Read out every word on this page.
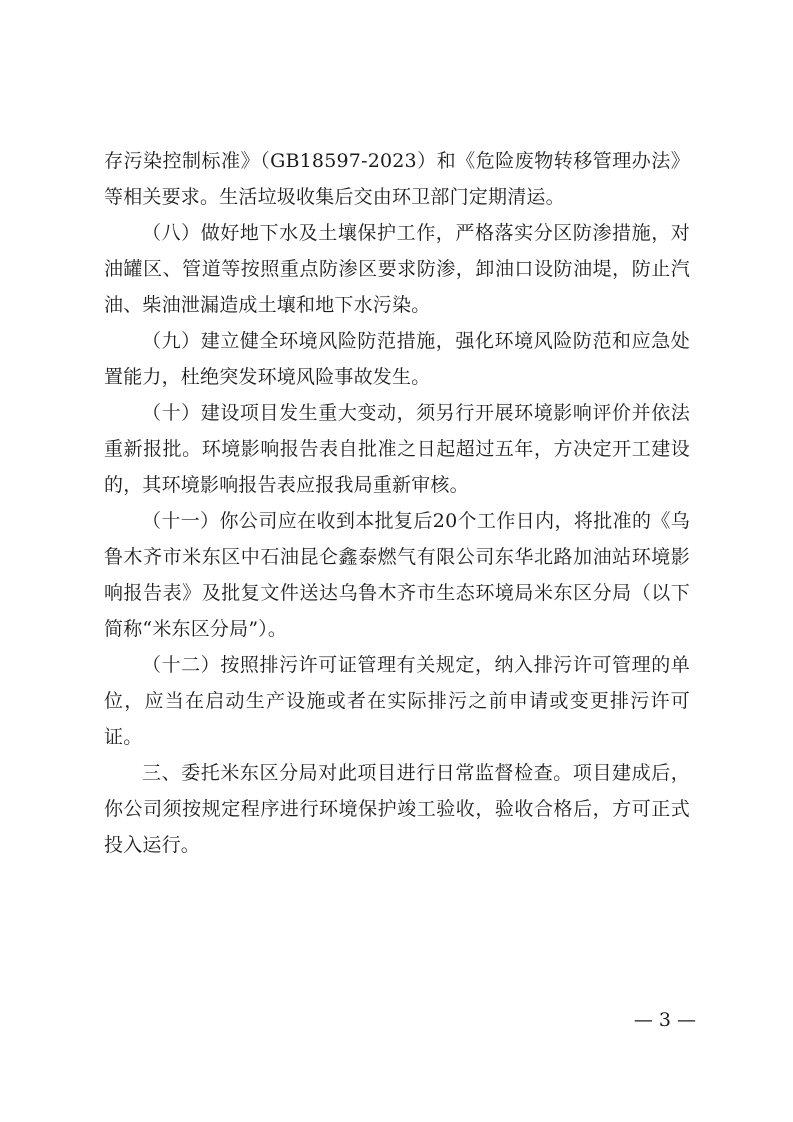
存污染控制标准》（GB18597-2023）和《危险废物转移管理办法》等相关要求。生活垃圾收集后交由环卫部门定期清运。

（八）做好地下水及土壤保护工作，严格落实分区防渗措施，对油罐区、管道等按照重点防渗区要求防渗，卸油口设防油堤，防止汽油、柴油泄漏造成土壤和地下水污染。

（九）建立健全环境风险防范措施，强化环境风险防范和应急处置能力，杜绝突发环境风险事故发生。

（十）建设项目发生重大变动，须另行开展环境影响评价并依法重新报批。环境影响报告表自批准之日起超过五年，方决定开工建设的，其环境影响报告表应报我局重新审核。

（十一）你公司应在收到本批复后20个工作日内，将批准的《乌鲁木齐市米东区中石油昆仑鑫泰燃气有限公司东华北路加油站环境影响报告表》及批复文件送达乌鲁木齐市生态环境局米东区分局（以下简称“米东区分局”）。

（十二）按照排污许可证管理有关规定，纳入排污许可管理的单位，应当在启动生产设施或者在实际排污之前申请或变更排污许可证。

三、委托米东区分局对此项目进行日常监督检查。项目建成后，你公司须按规定程序进行环境保护竣工验收，验收合格后，方可正式投入运行。

— 3 —
